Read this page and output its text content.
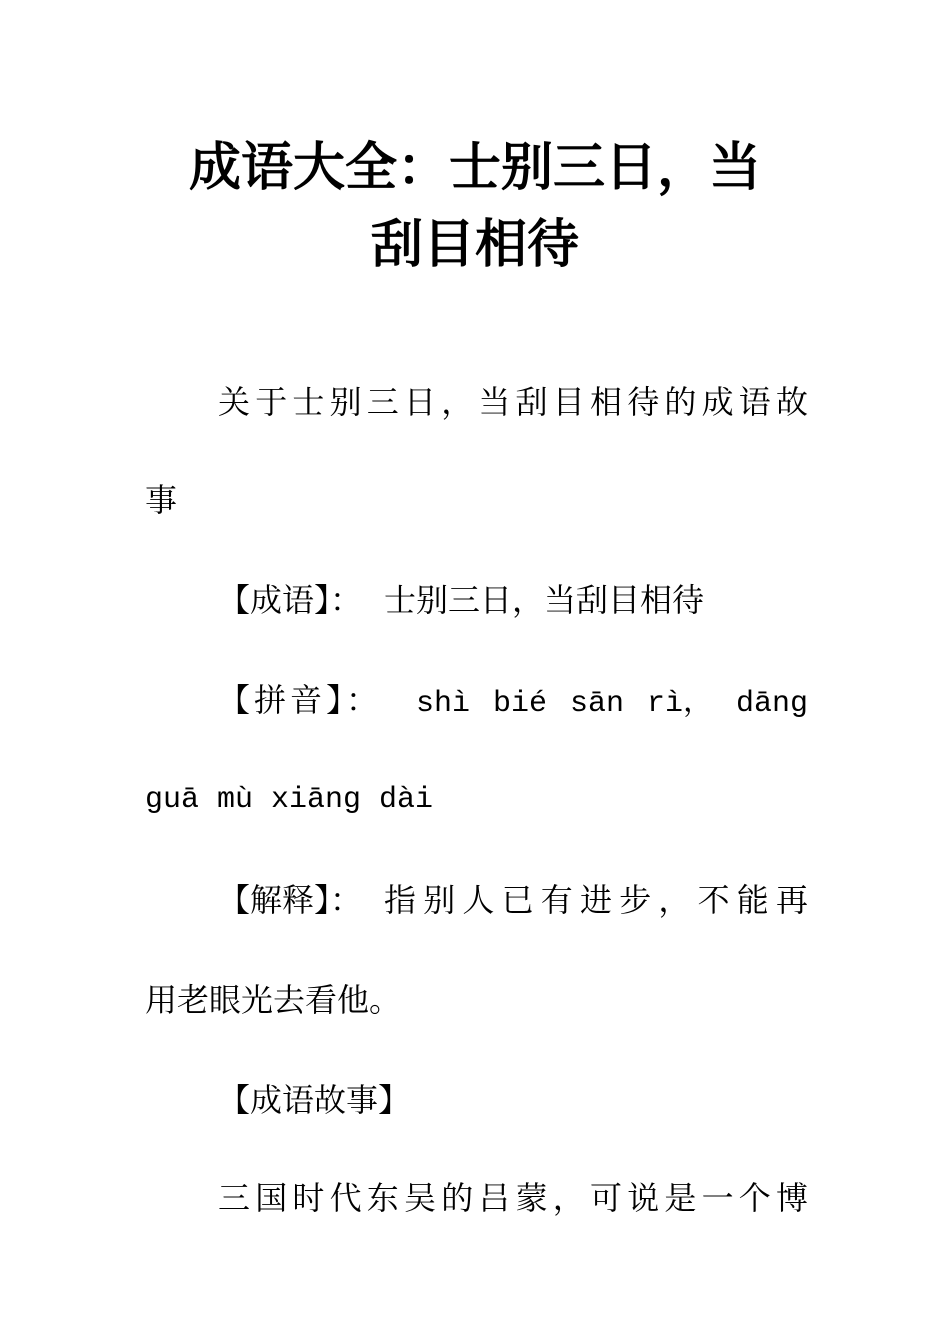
成语大全：士别三日，当
刮目相待
关于士别三日，当刮目相待的成语故
事
【成语】： 士别三日，当刮目相待
【拼音】： shì bié sān rì， dāng
guā mù xiāng dài
【解释】： 指别人已有进步，不能再
用老眼光去看他。
【成语故事】
三国时代东吴的吕蒙，可说是一个博
